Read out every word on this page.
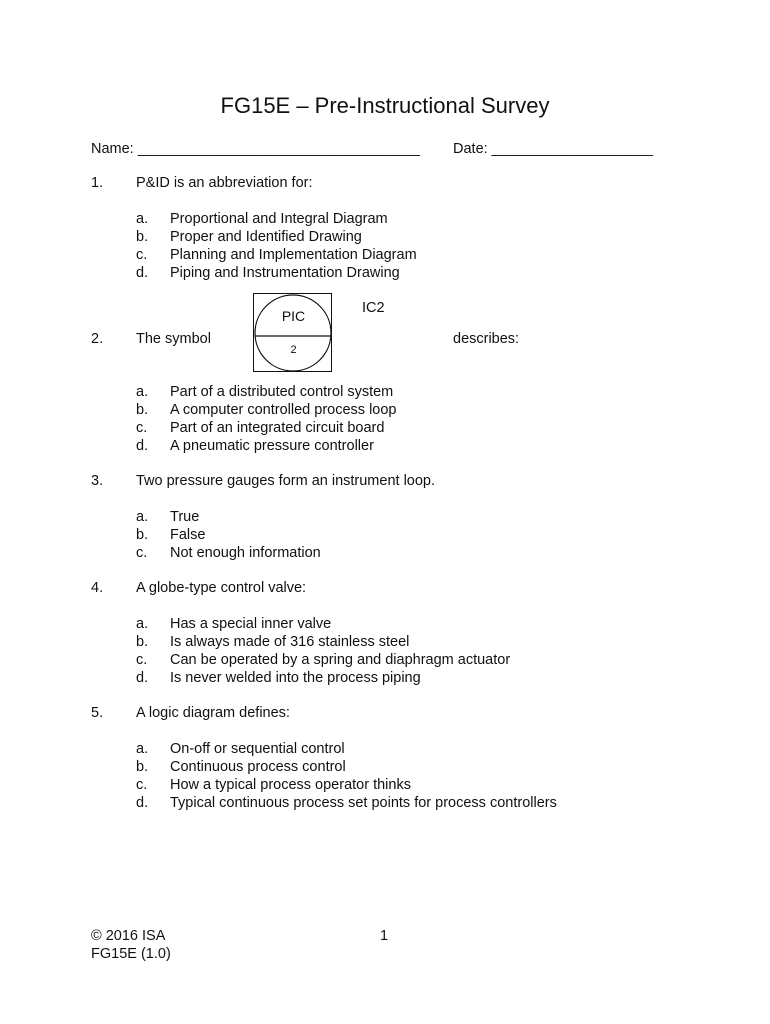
FG15E – Pre-Instructional Survey
Name: ___________________________________ Date: ____________________
1. P&ID is an abbreviation for:
a. Proportional and Integral Diagram
b. Proper and Identified Drawing
c. Planning and Implementation Diagram
d. Piping and Instrumentation Drawing
2. The symbol
PIC
2
IC2
describes:
a. Part of a distributed control system
b. A computer controlled process loop
c. Part of an integrated circuit board
d. A pneumatic pressure controller
3. Two pressure gauges form an instrument loop.
a. True
b. False
c. Not enough information
4. A globe-type control valve:
a. Has a special inner valve
b. Is always made of 316 stainless steel
c. Can be operated by a spring and diaphragm actuator
d. Is never welded into the process piping
5. A logic diagram defines:
a. On-off or sequential control
b. Continuous process control
c. How a typical process operator thinks
d. Typical continuous process set points for process controllers
© 2016 ISA
FG15E (1.0)
1
